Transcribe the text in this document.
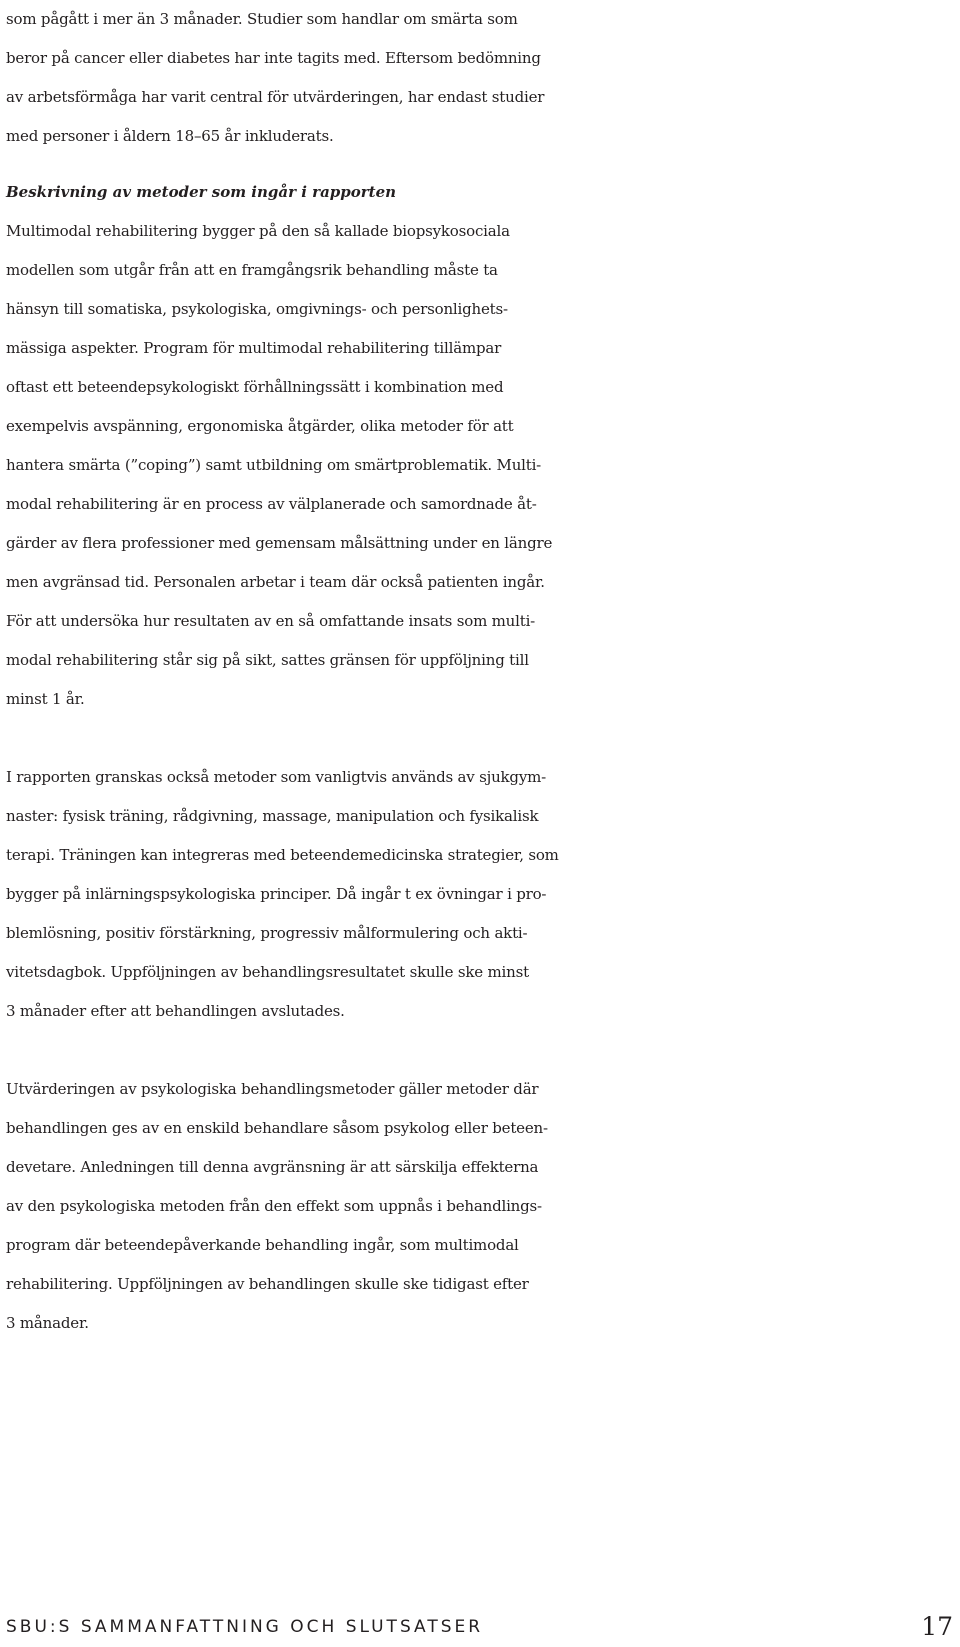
som pågått i mer än 3 månader. Studier som handlar om smärta som
beror på cancer eller diabetes har inte tagits med. Eftersom bedömning
av arbetsförmåga har varit central för utvärderingen, har endast studier
med personer i åldern 18–65 år inkluderats.
Beskrivning av metoder som ingår i rapporten
Multimodal rehabilitering bygger på den så kallade biopsykosociala
modellen som utgår från att en framgångsrik behandling måste ta
hänsyn till somatiska, psykologiska, omgivnings- och personlighets-
mässiga aspekter. Program för multimodal rehabilitering tillämpar
oftast ett beteendepsykologiskt förhållningssätt i kombination med
exempelvis avspänning, ergonomiska åtgärder, olika metoder för att
hantera smärta (”coping”) samt utbildning om smärtproblematik. Multi-
modal rehabilitering är en process av välplanerade och samordnade åt-
gärder av flera professioner med gemensam målsättning under en längre
men avgränsad tid. Personalen arbetar i team där också patienten ingår.
För att undersöka hur resultaten av en så omfattande insats som multi-
modal rehabilitering står sig på sikt, sattes gränsen för uppföljning till
minst 1 år.
I rapporten granskas också metoder som vanligtvis används av sjukgym-
naster: fysisk träning, rådgivning, massage, manipulation och fysikalisk
terapi. Träningen kan integreras med beteendemedicinska strategier, som
bygger på inlärningspsykologiska principer. Då ingår t ex övningar i pro-
blemlösning, positiv förstärkning, progressiv målformulering och akti-
vitetsdagbok. Uppföljningen av behandlingsresultatet skulle ske minst
3 månader efter att behandlingen avslutades.
Utvärderingen av psykologiska behandlingsmetoder gäller metoder där
behandlingen ges av en enskild behandlare såsom psykolog eller beteen-
devetare. Anledningen till denna avgränsning är att särskilja effekterna
av den psykologiska metoden från den effekt som uppnås i behandlings-
program där beteendepåverkande behandling ingår, som multimodal
rehabilitering. Uppföljningen av behandlingen skulle ske tidigast efter
3 månader.
SBU:S SAMMANFATTNING OCH SLUTSATSER	17
